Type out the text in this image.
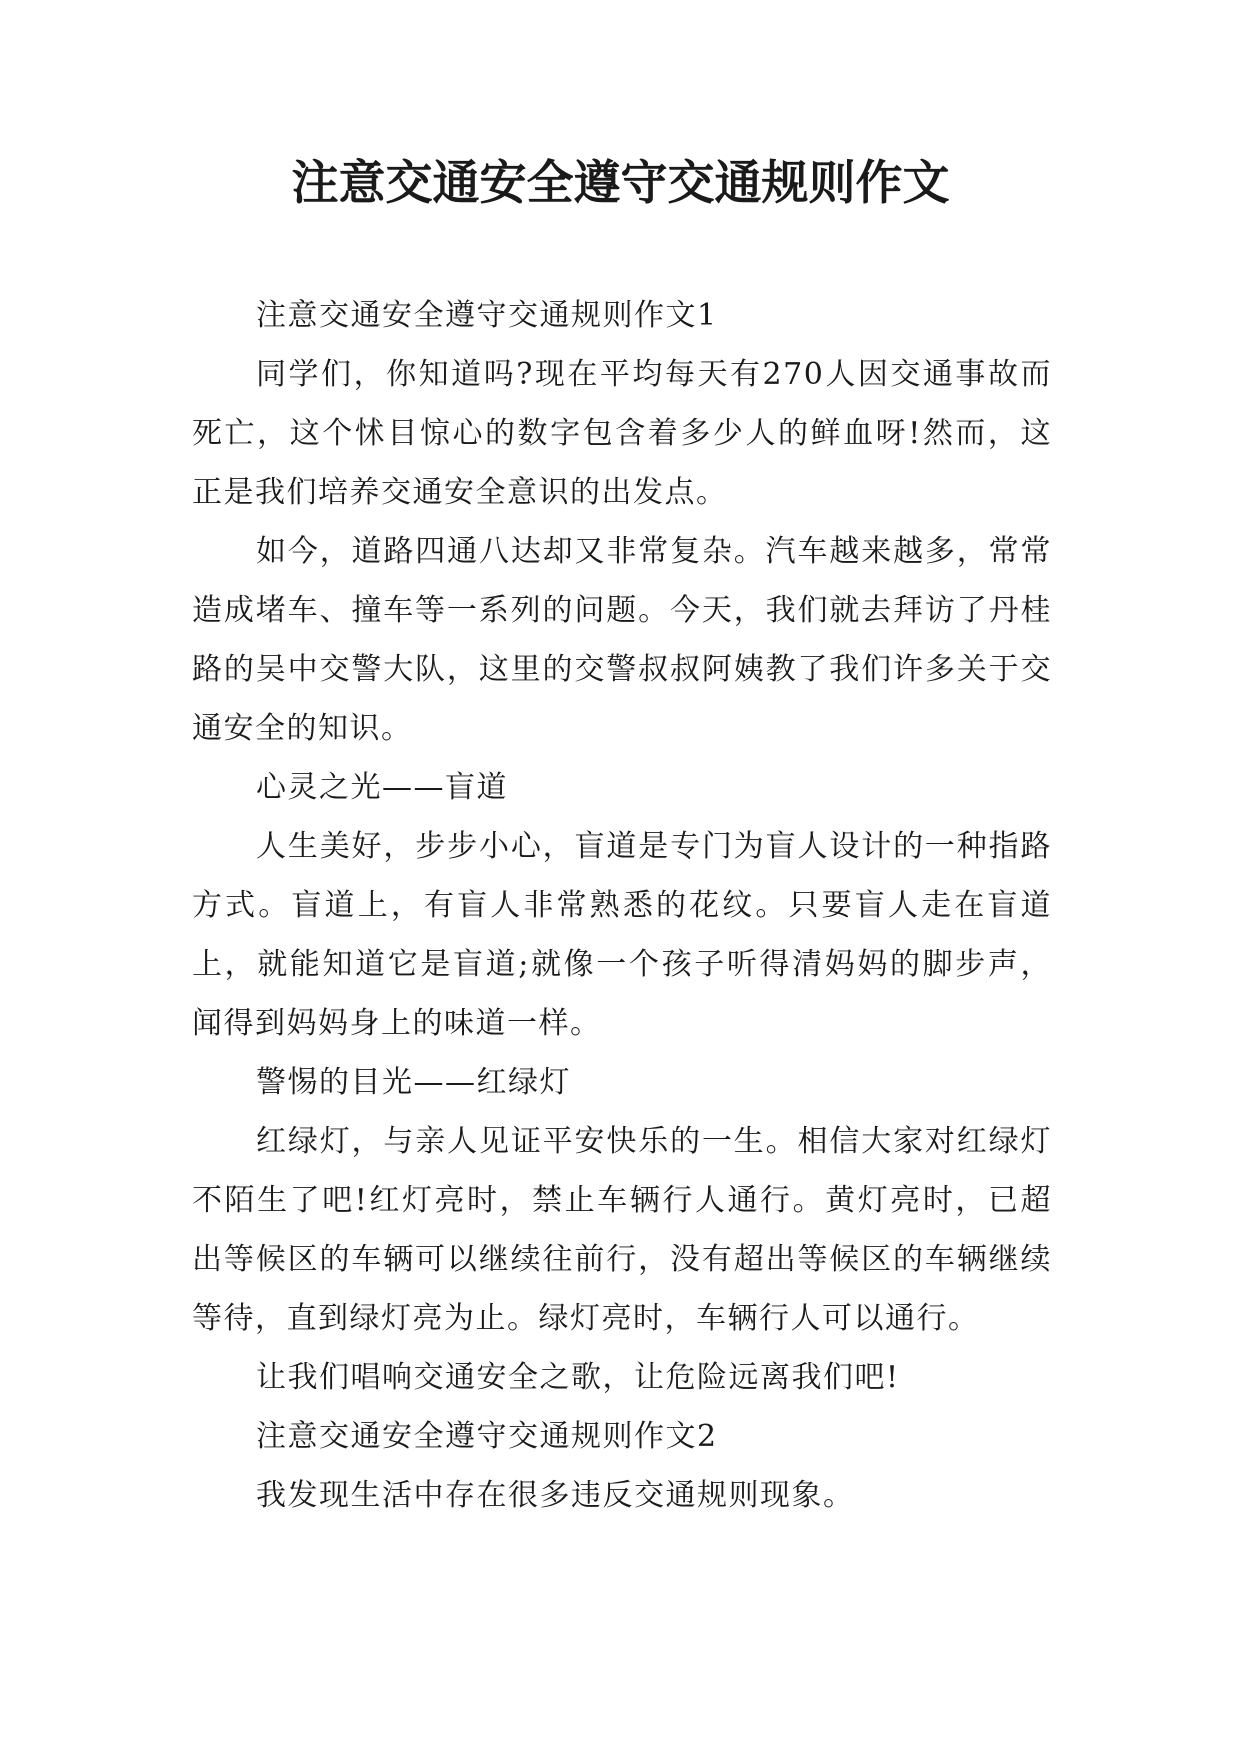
注意交通安全遵守交通规则作文

注意交通安全遵守交通规则作文1

同学们，你知道吗?现在平均每天有270人因交通事故而死亡，这个怵目惊心的数字包含着多少人的鲜血呀!然而，这正是我们培养交通安全意识的出发点。

如今，道路四通八达却又非常复杂。汽车越来越多，常常造成堵车、撞车等一系列的问题。今天，我们就去拜访了丹桂路的吴中交警大队，这里的交警叔叔阿姨教了我们许多关于交通安全的知识。

心灵之光——盲道

人生美好，步步小心，盲道是专门为盲人设计的一种指路方式。盲道上，有盲人非常熟悉的花纹。只要盲人走在盲道上，就能知道它是盲道;就像一个孩子听得清妈妈的脚步声，闻得到妈妈身上的味道一样。

警惕的目光——红绿灯

红绿灯，与亲人见证平安快乐的一生。相信大家对红绿灯不陌生了吧!红灯亮时，禁止车辆行人通行。黄灯亮时，已超出等候区的车辆可以继续往前行，没有超出等候区的车辆继续等待，直到绿灯亮为止。绿灯亮时，车辆行人可以通行。

让我们唱响交通安全之歌，让危险远离我们吧!

注意交通安全遵守交通规则作文2

我发现生活中存在很多违反交通规则现象。
